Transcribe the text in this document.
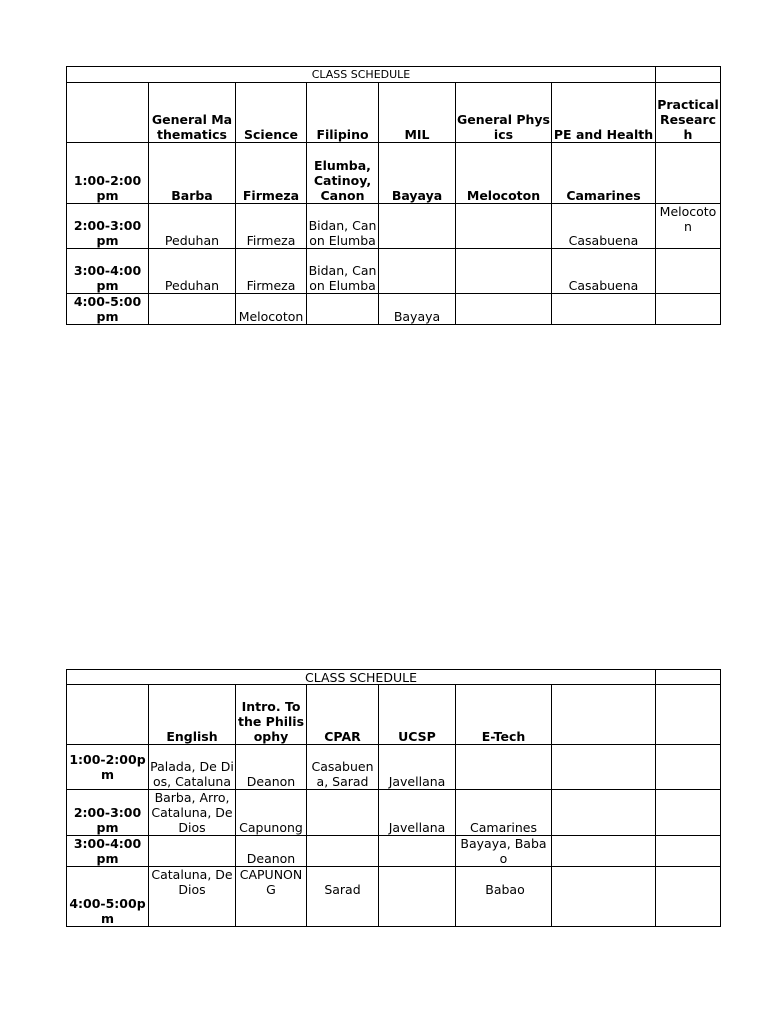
CLASS SCHEDULE							
	General Mathematics	Science	Filipino	MIL	General Physics	PE and Health	Practical Research
1:00-2:00 pm	Barba	Firmeza	Elumba, Catinoy, Canon	Bayaya	Melocoton	Camarines	
2:00-3:00 pm	Peduhan	Firmeza	Bidan, Canon Elumba			Casabuena	Melocoton
3:00-4:00 pm	Peduhan	Firmeza	Bidan, Canon Elumba			Casabuena	
4:00-5:00 pm		Melocoton		Bayaya			
CLASS SCHEDULE							
	English	Intro. To the Philisophy	CPAR	UCSP	E-Tech		
1:00-2:00pm	Palada, De Dios, Cataluna	Deanon	Casabuena, Sarad	Javellana			
2:00-3:00 pm	Barba, Arro, Cataluna, De Dios	Capunong		Javellana	Camarines		
3:00-4:00 pm		Deanon			Bayaya, Babao		
4:00-5:00pm	Cataluna, De Dios	CAPUNONG	Sarad		Babao		
